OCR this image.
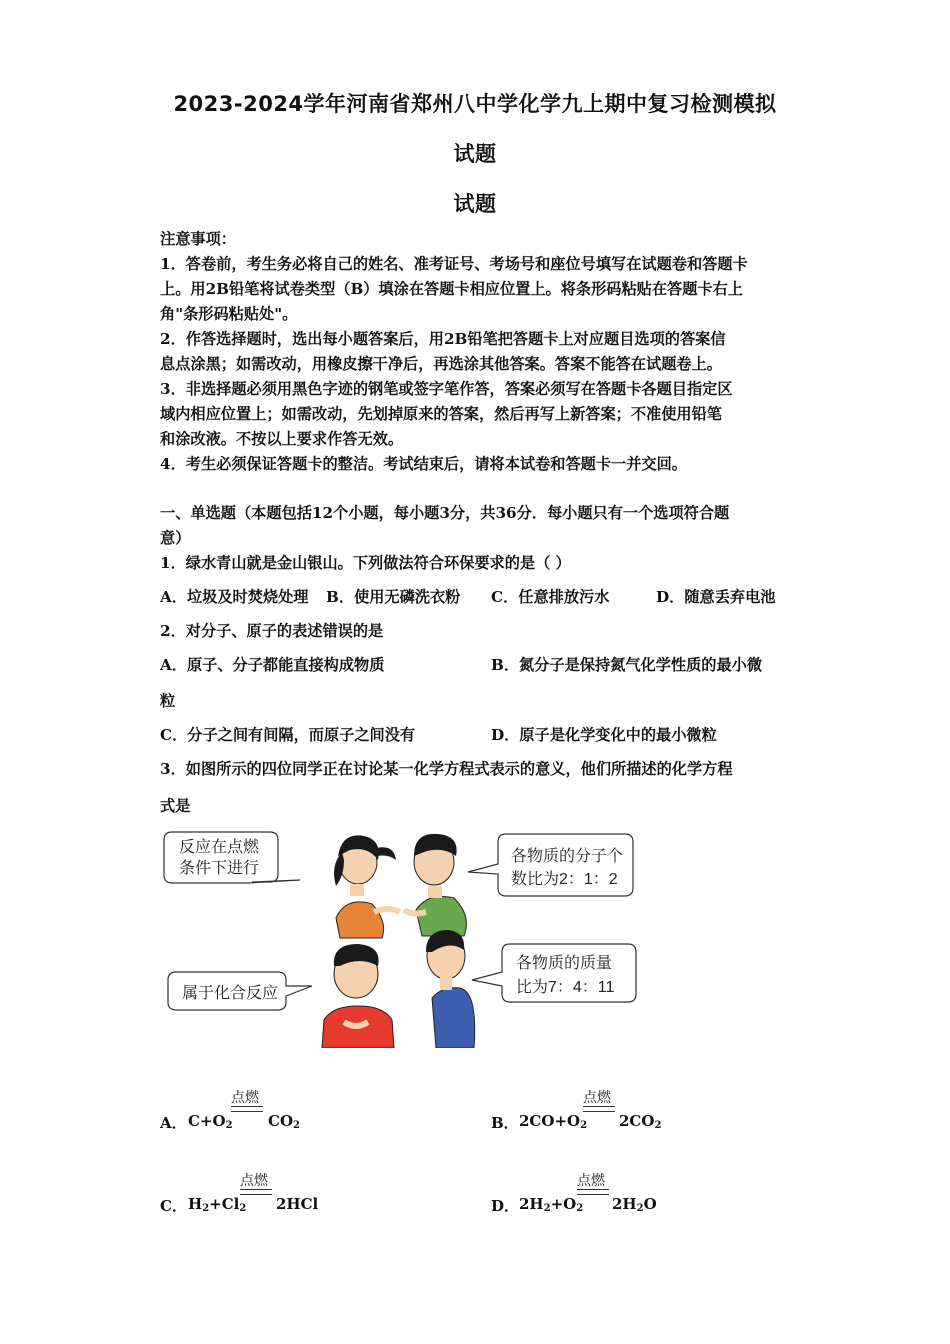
2023-2024学年河南省郑州八中学化学九上期中复习检测模拟
试题
试题
注意事项：
1．答卷前，考生务必将自己的姓名、准考证号、考场号和座位号填写在试题卷和答题卡
上。用2B铅笔将试卷类型（B）填涂在答题卡相应位置上。将条形码粘贴在答题卡右上
角"条形码粘贴处"。
2．作答选择题时，选出每小题答案后，用2B铅笔把答题卡上对应题目选项的答案信
息点涂黑；如需改动，用橡皮擦干净后，再选涂其他答案。答案不能答在试题卷上。
3．非选择题必须用黑色字迹的钢笔或签字笔作答，答案必须写在答题卡各题目指定区
域内相应位置上；如需改动，先划掉原来的答案，然后再写上新答案；不准使用铅笔
和涂改液。不按以上要求作答无效。
4．考生必须保证答题卡的整洁。考试结束后，请将本试卷和答题卡一并交回。
一、单选题（本题包括12个小题，每小题3分，共36分．每小题只有一个选项符合题
意）
1．绿水青山就是金山银山。下列做法符合环保要求的是（ ）
A．垃圾及时焚烧处理 B．使用无磷洗衣粉 C．任意排放污水	D．随意丢弃电池
2．对分子、原子的表述错误的是
A．原子、分子都能直接构成物质	B．氮分子是保持氮气化学性质的最小微
粒
C．分子之间有间隔，而原子之间没有	D．原子是化学变化中的最小微粒
3．如图所示的四位同学正在讨论某一化学方程式表示的意义，他们所描述的化学方程
式是
反应在点燃
条件下进行
各物质的分子个
数比为2：1：2
属于化合反应
各物质的质量
比为7：4：11
A． $C+O_2$
点燃
$CO_2$	B． $2CO+O_2$
点燃
$2CO_2$
C． $H_2+Cl_2$
点燃
2HCl	D． $2H_2+O_2$
点燃
$2H_2O$
